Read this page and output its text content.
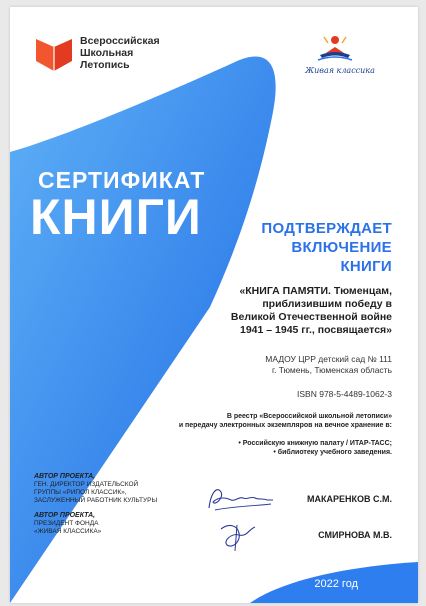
Всероссийская
Школьная
Летопись	Живая классика
СЕРТИФИКАТ
КНИГИ	ПОДТВЕРЖДАЕТ
ВКЛЮЧЕНИЕ
КНИГИ
«КНИГА ПАМЯТИ. Тюменцам,
приблизившим победу в
Великой Отечественной войне
1941 – 1945 гг., посвящается»
МАДОУ ЦРР детский сад № 111
г. Тюмень, Тюменская область
ISBN 978-5-4489-1062-3
В реестр «Всероссийской школьной летописи»
и передачу электронных экземпляров на вечное хранение в:
• Российскую книжную палату / ИТАР-ТАСС;
• библиотеку учебного заведения.
АВТОР ПРОЕКТА,
ГЕН. ДИРЕКТОР ИЗДАТЕЛЬСКОЙ
ГРУППЫ «РИПОЛ КЛАССИК»,
ЗАСЛУЖЕННЫЙ РАБОТНИК КУЛЬТУРЫ
АВТОР ПРОЕКТА,
ПРЕЗИДЕНТ ФОНДА
«ЖИВАЯ КЛАССИКА»
МАКАРЕНКОВ С.М.
СМИРНОВА М.В.
2022 год
